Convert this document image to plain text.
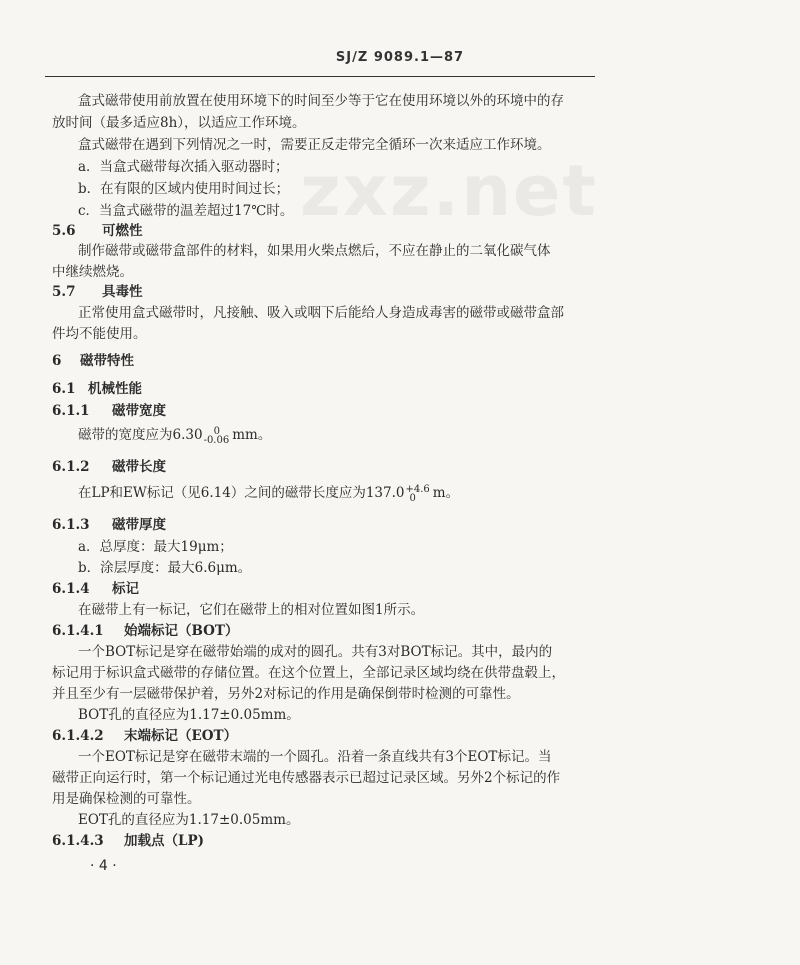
SJ/Z 9089.1—87
zxz.net
盒式磁带使用前放置在使用环境下的时间至少等于它在使用环境以外的环境中的存
放时间（最多适应8h），以适应工作环境。
盒式磁带在遇到下列情况之一时，需要正反走带完全循环一次来适应工作环境。
a．当盒式磁带每次插入驱动器时；
b．在有限的区域内使用时间过长；
c．当盒式磁带的温差超过17℃时。
5.6 可燃性
制作磁带或磁带盒部件的材料，如果用火柴点燃后，不应在静止的二氧化碳气体
中继续燃烧。
5.7 具毒性
正常使用盒式磁带时，凡接触、吸入或咽下后能给人身造成毒害的磁带或磁带盒部
件均不能使用。
6 磁带特性
6.1 机械性能
6.1.1 磁带宽度
磁带的宽度应为6.30	0
-0.06 mm。
6.1.2 磁带长度
在LP和EW标记（见6.14）之间的磁带长度应为137.0 +4.6
0	m。
6.1.3 磁带厚度
a．总厚度：最大19μm；
b．涂层厚度：最大6.6μm。
6.1.4 标记
在磁带上有一标记，它们在磁带上的相对位置如图1所示。
6.1.4.1 始端标记（BOT）
一个BOT标记是穿在磁带始端的成对的圆孔。共有3对BOT标记。其中，最内的
标记用于标识盒式磁带的存储位置。在这个位置上，全部记录区域均绕在供带盘毂上，
并且至少有一层磁带保护着，另外2对标记的作用是确保倒带时检测的可靠性。
BOT孔的直径应为1.17±0.05mm。
6.1.4.2 末端标记（EOT）
一个EOT标记是穿在磁带末端的一个圆孔。沿着一条直线共有3个EOT标记。当
磁带正向运行时，第一个标记通过光电传感器表示已超过记录区域。另外2个标记的作
用是确保检测的可靠性。
EOT孔的直径应为1.17±0.05mm。
6.1.4.3 加载点（LP)
· 4 ·
